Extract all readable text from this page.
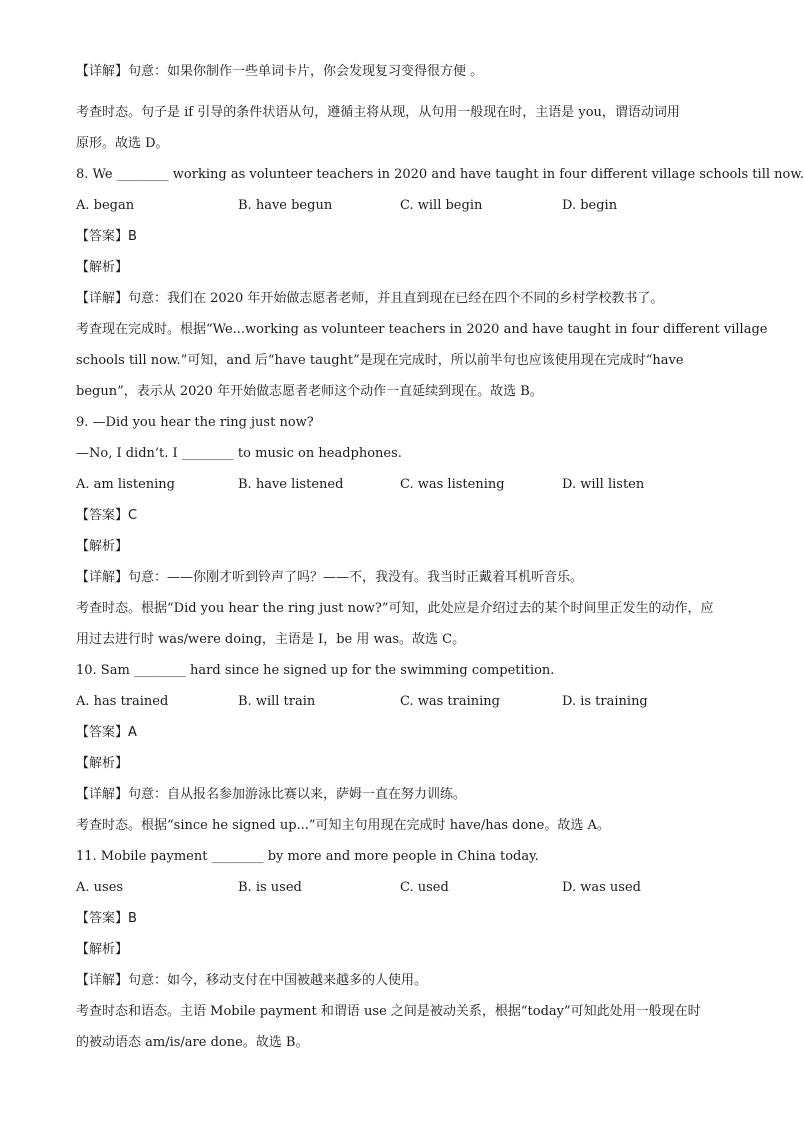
【详解】句意：如果你制作一些单词卡片，你会发现复习变得很方便 。
考查时态。句子是 if 引导的条件状语从句，遵循主将从现，从句用一般现在时，主语是 you，谓语动词用
原形。故选 D。
8. We ________ working as volunteer teachers in 2020 and have taught in four different village schools till now.
A. began	B. have begun	C. will begin	D. begin
【答案】B
【解析】
【详解】句意：我们在 2020 年开始做志愿者老师，并且直到现在已经在四个不同的乡村学校教书了。
考查现在完成时。根据“We...working as volunteer teachers in 2020 and have taught in four different village
schools till now.”可知，and 后“have taught”是现在完成时，所以前半句也应该使用现在完成时“have
begun”，表示从 2020 年开始做志愿者老师这个动作一直延续到现在。故选 B。
9. —Did you hear the ring just now?
—No, I didn’t. I ________ to music on headphones.
A. am listening	B. have listened	C. was listening	D. will listen
【答案】C
【解析】
【详解】句意：——你刚才听到铃声了吗？——不，我没有。我当时正戴着耳机听音乐。
考查时态。根据“Did you hear the ring just now?”可知，此处应是介绍过去的某个时间里正发生的动作，应
用过去进行时 was/were doing，主语是 I，be 用 was。故选 C。
10. Sam ________ hard since he signed up for the swimming competition.
A. has trained	B. will train	C. was training	D. is training
【答案】A
【解析】
【详解】句意：自从报名参加游泳比赛以来，萨姆一直在努力训练。
考查时态。根据“since he signed up...”可知主句用现在完成时 have/has done。故选 A。
11. Mobile payment ________ by more and more people in China today.
A. uses	B. is used	C. used	D. was used
【答案】B
【解析】
【详解】句意：如今，移动支付在中国被越来越多的人使用。
考查时态和语态。主语 Mobile payment 和谓语 use 之间是被动关系，根据“today”可知此处用一般现在时
的被动语态 am/is/are done。故选 B。
